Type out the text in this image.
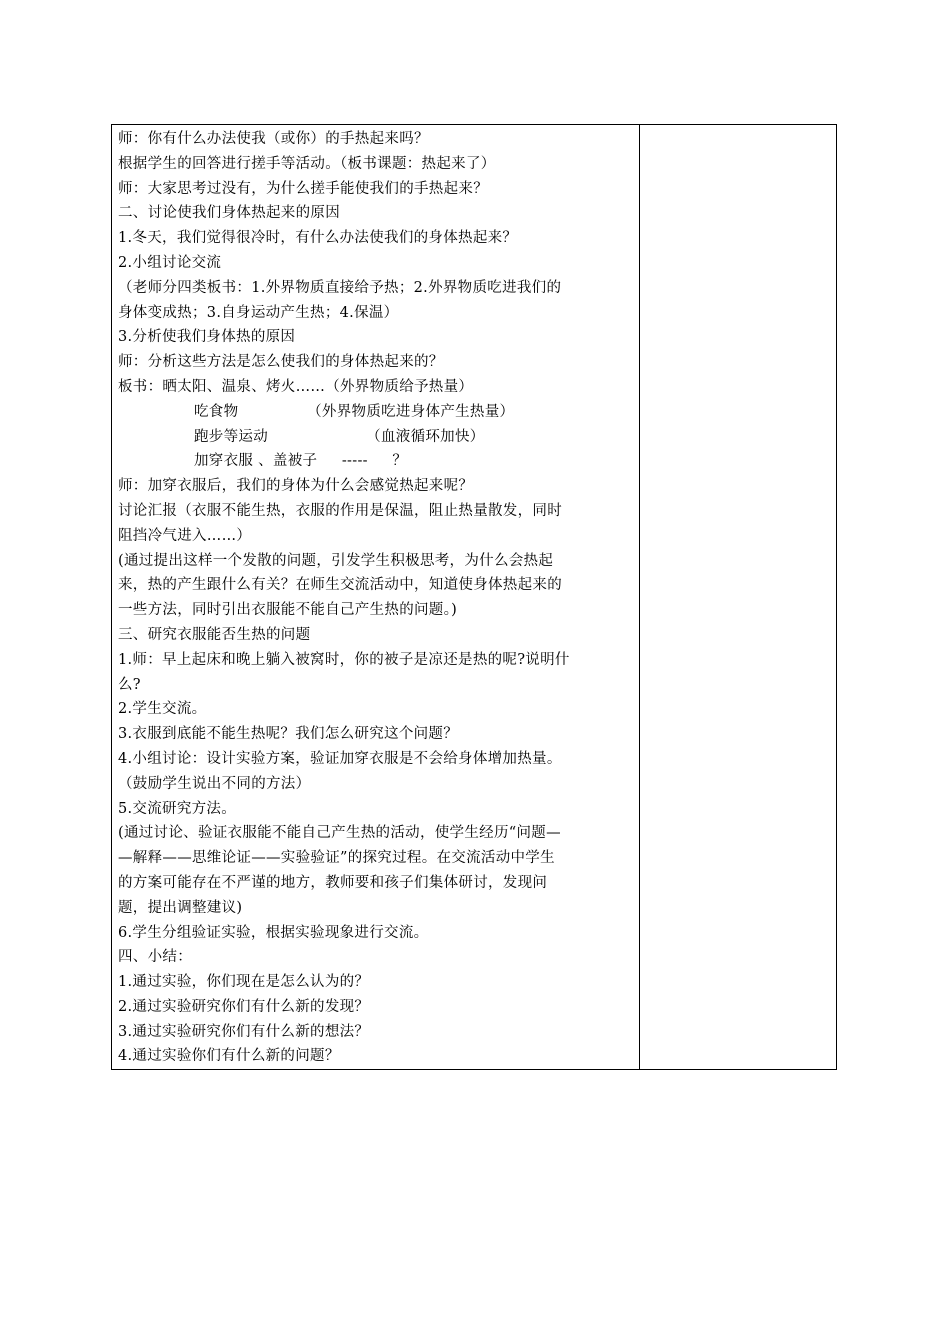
师：你有什么办法使我（或你）的手热起来吗？
根据学生的回答进行搓手等活动。（板书课题：热起来了）
师：大家思考过没有，为什么搓手能使我们的手热起来？
二、讨论使我们身体热起来的原因
1.冬天，我们觉得很冷时，有什么办法使我们的身体热起来？
2.小组讨论交流
（老师分四类板书：1.外界物质直接给予热；2.外界物质吃进我们的
身体变成热；3.自身运动产生热；4.保温）
3.分析使我们身体热的原因
师：分析这些方法是怎么使我们的身体热起来的？
板书：晒太阳、温泉、烤火……（外界物质给予热量）
吃食物              （外界物质吃进身体产生热量）
跑步等运动                    （血液循环加快）
加穿衣服 、盖被子     -----     ？
师：加穿衣服后，我们的身体为什么会感觉热起来呢？
讨论汇报（衣服不能生热，衣服的作用是保温，阻止热量散发，同时
阻挡冷气进入……）
(通过提出这样一个发散的问题，引发学生积极思考，为什么会热起
来，热的产生跟什么有关？在师生交流活动中，知道使身体热起来的
一些方法，同时引出衣服能不能自己产生热的问题。)
三、研究衣服能否生热的问题
1.师：早上起床和晚上躺入被窝时，你的被子是凉还是热的呢?说明什
么?
2.学生交流。
3.衣服到底能不能生热呢？我们怎么研究这个问题？
4.小组讨论：设计实验方案，验证加穿衣服是不会给身体增加热量。
（鼓励学生说出不同的方法）
5.交流研究方法。
(通过讨论、验证衣服能不能自己产生热的活动，使学生经历“问题—
—解释——思维论证——实验验证”的探究过程。在交流活动中学生
的方案可能存在不严谨的地方，教师要和孩子们集体研讨，发现问
题，提出调整建议)
6.学生分组验证实验，根据实验现象进行交流。
四、小结：
1.通过实验，你们现在是怎么认为的？
2.通过实验研究你们有什么新的发现？
3.通过实验研究你们有什么新的想法？
4.通过实验你们有什么新的问题？
